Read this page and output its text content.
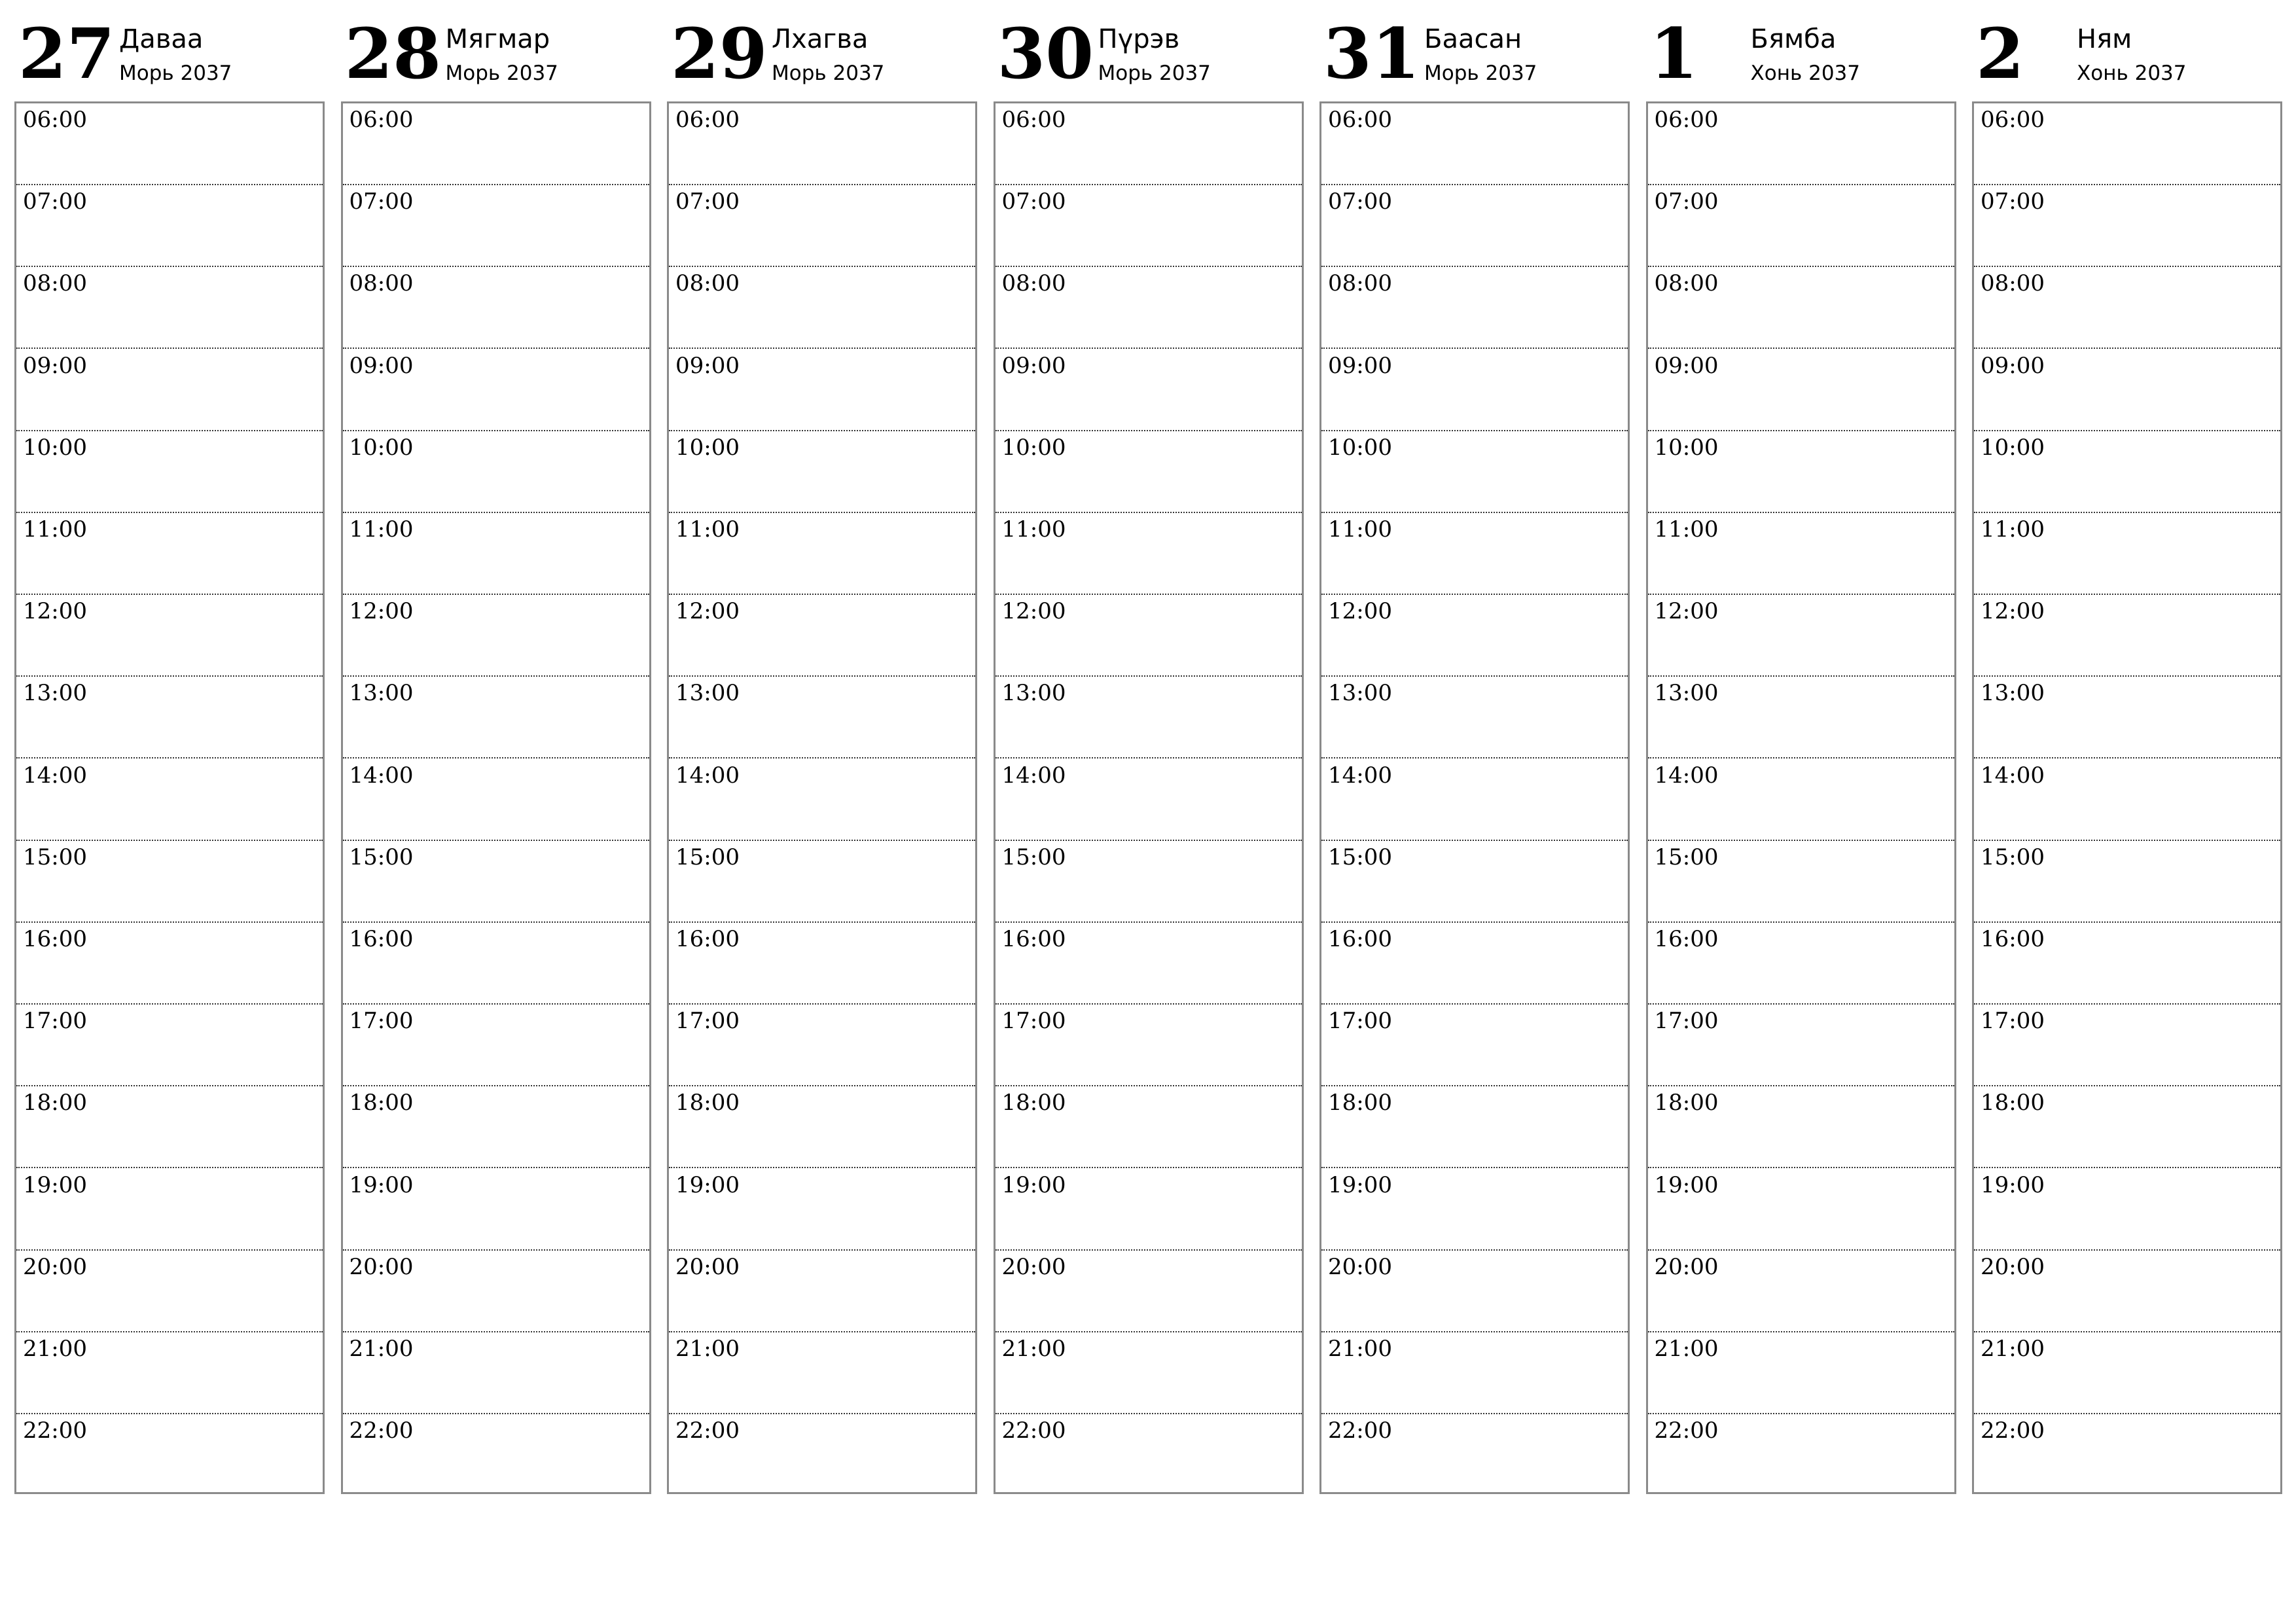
27 Даваа
Морь 2037
06:00
07:00
08:00
09:00
10:00
11:00
12:00
13:00
14:00
15:00
16:00
17:00
18:00
19:00
20:00
21:00
22:00
28 Мягмар
Морь 2037
06:00
07:00
08:00
09:00
10:00
11:00
12:00
13:00
14:00
15:00
16:00
17:00
18:00
19:00
20:00
21:00
22:00
29 Лхагва
Морь 2037
06:00
07:00
08:00
09:00
10:00
11:00
12:00
13:00
14:00
15:00
16:00
17:00
18:00
19:00
20:00
21:00
22:00
30 Пүрэв
Морь 2037
06:00
07:00
08:00
09:00
10:00
11:00
12:00
13:00
14:00
15:00
16:00
17:00
18:00
19:00
20:00
21:00
22:00
31 Баасан
Морь 2037
06:00
07:00
08:00
09:00
10:00
11:00
12:00
13:00
14:00
15:00
16:00
17:00
18:00
19:00
20:00
21:00
22:00
1 Бямба
Хонь 2037
06:00
07:00
08:00
09:00
10:00
11:00
12:00
13:00
14:00
15:00
16:00
17:00
18:00
19:00
20:00
21:00
22:00
2 Ням
Хонь 2037
06:00
07:00
08:00
09:00
10:00
11:00
12:00
13:00
14:00
15:00
16:00
17:00
18:00
19:00
20:00
21:00
22:00
